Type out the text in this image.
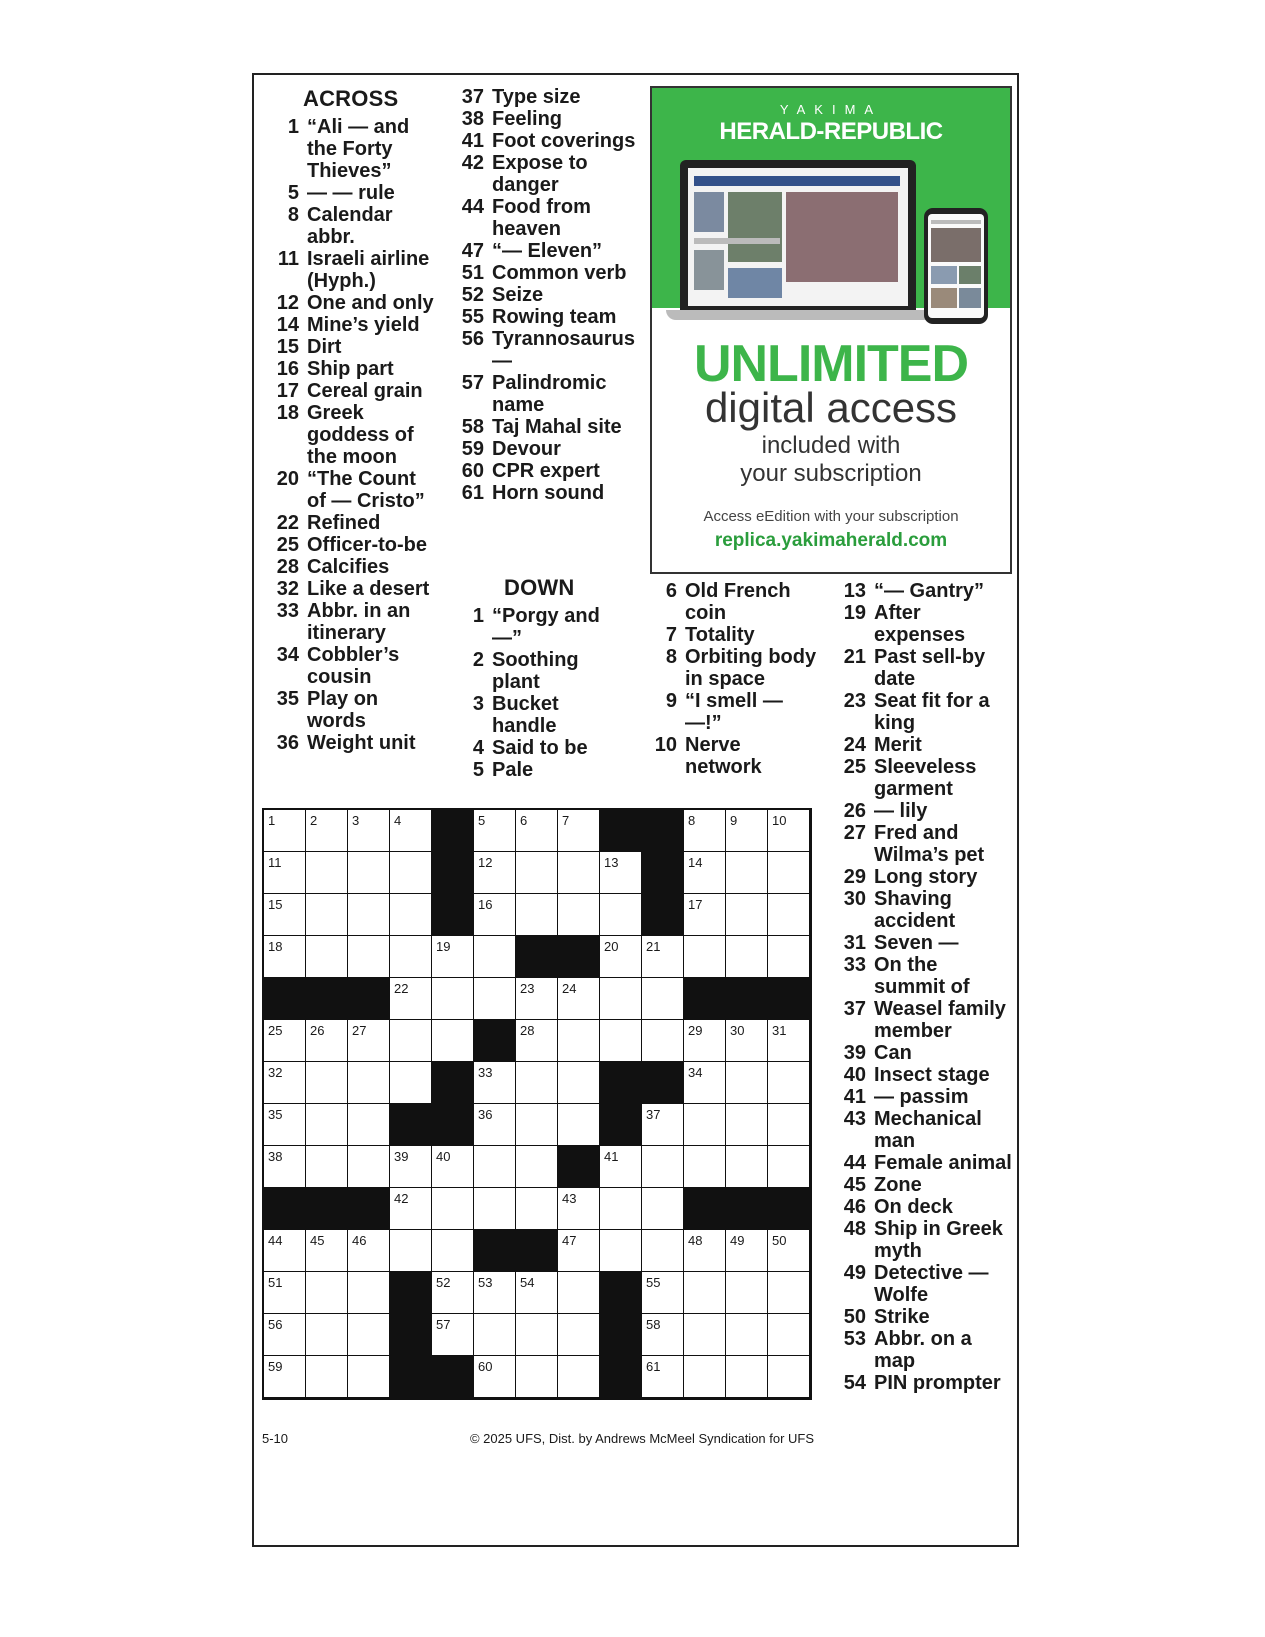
ACROSS
1 “Ali — and the Forty Thieves”
5 — — rule
8 Calendar abbr.
11 Israeli airline (Hyph.)
12 One and only
14 Mine’s yield
15 Dirt
16 Ship part
17 Cereal grain
18 Greek goddess of the moon
20 “The Count of — Cristo”
22 Refined
25 Officer-to-be
28 Calcifies
32 Like a desert
33 Abbr. in an itinerary
34 Cobbler’s cousin
35 Play on words
36 Weight unit
37 Type size
38 Feeling
41 Foot coverings
42 Expose to danger
44 Food from heaven
47 “— Eleven”
51 Common verb
52 Seize
55 Rowing team
56 Tyrannosaurus —
57 Palindromic name
58 Taj Mahal site
59 Devour
60 CPR expert
61 Horn sound
DOWN
1 “Porgy and —”
2 Soothing plant
3 Bucket handle
4 Said to be
5 Pale
6 Old French coin
7 Totality
8 Orbiting body in space
9 “I smell — —!”
10 Nerve network
13 “— Gantry”
19 After expenses
21 Past sell-by date
23 Seat fit for a king
24 Merit
25 Sleeveless garment
26 — lily
27 Fred and Wilma’s pet
29 Long story
30 Shaving accident
31 Seven —
33 On the summit of
37 Weasel family member
39 Can
40 Insect stage
41 — passim
43 Mechanical man
44 Female animal
45 Zone
46 On deck
48 Ship in Greek myth
49 Detective — Wolfe
50 Strike
53 Abbr. on a map
54 PIN prompter
YAKIMA
HERALD-REPUBLIC
UNLIMITED
digital access
included with
your subscription
Access eEdition with your subscription
replica.yakimaherald.com
1	2	3	4	5	6	7	8	9	10
11	12	13	14
15	16	17
18	19	20 21
22	23 24
25 26 27	28	29 30 31
32	33	34
35	36	37
38	39 40	41
42	43
44 45 46	47	48 49 50
51	52 53 54	55
56	57	58
59	60	61
5-10	© 2025 UFS, Dist. by Andrews McMeel Syndication for UFS
